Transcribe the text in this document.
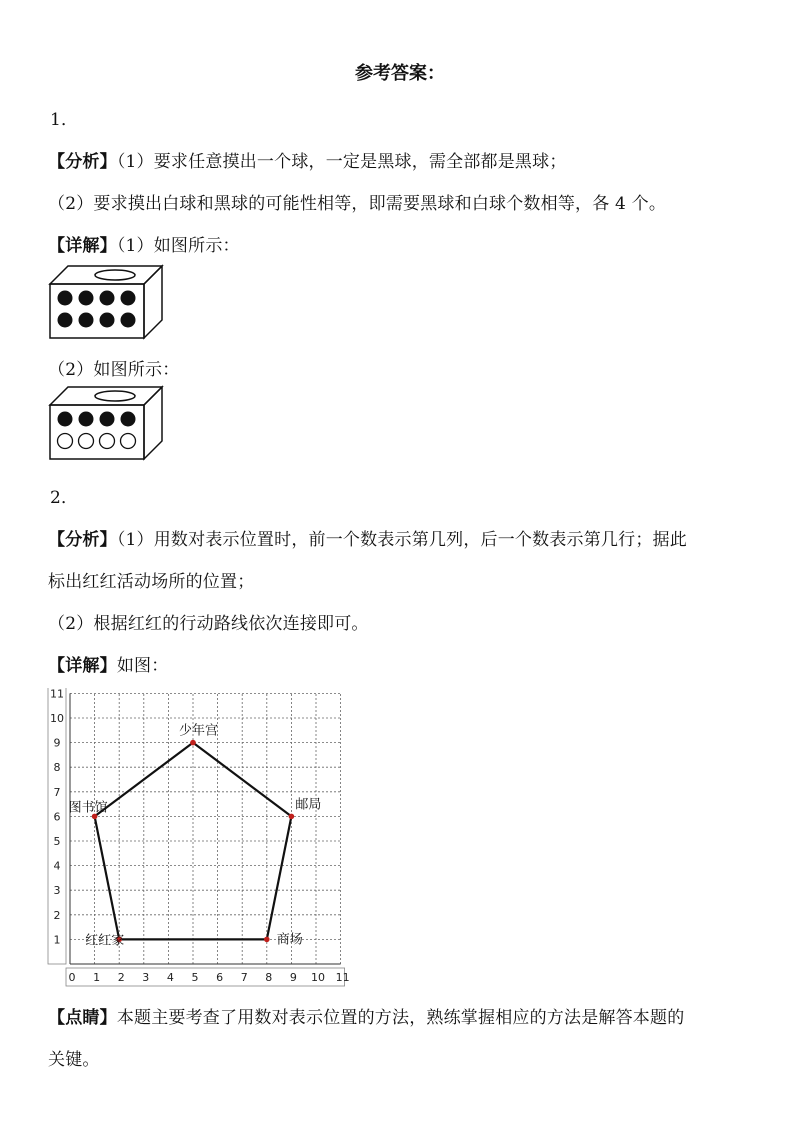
参考答案：
1．
【分析】（1）要求任意摸出一个球，一定是黑球，需全部都是黑球；
（2）要求摸出白球和黑球的可能性相等，即需要黑球和白球个数相等，各 4 个。
【详解】（1）如图所示：
（2）如图所示：
2．
【分析】（1）用数对表示位置时，前一个数表示第几列，后一个数表示第几行；据此
标出红红活动场所的位置；
（2）根据红红的行动路线依次连接即可。
【详解】如图：
0 1 2 3 4 5 6 7 8 9 10 11
1
2
3
4
5
6
7
8
9
10
11
少年宫
邮局
商场
红红家
图书馆
【点睛】本题主要考查了用数对表示位置的方法，熟练掌握相应的方法是解答本题的
关键。
